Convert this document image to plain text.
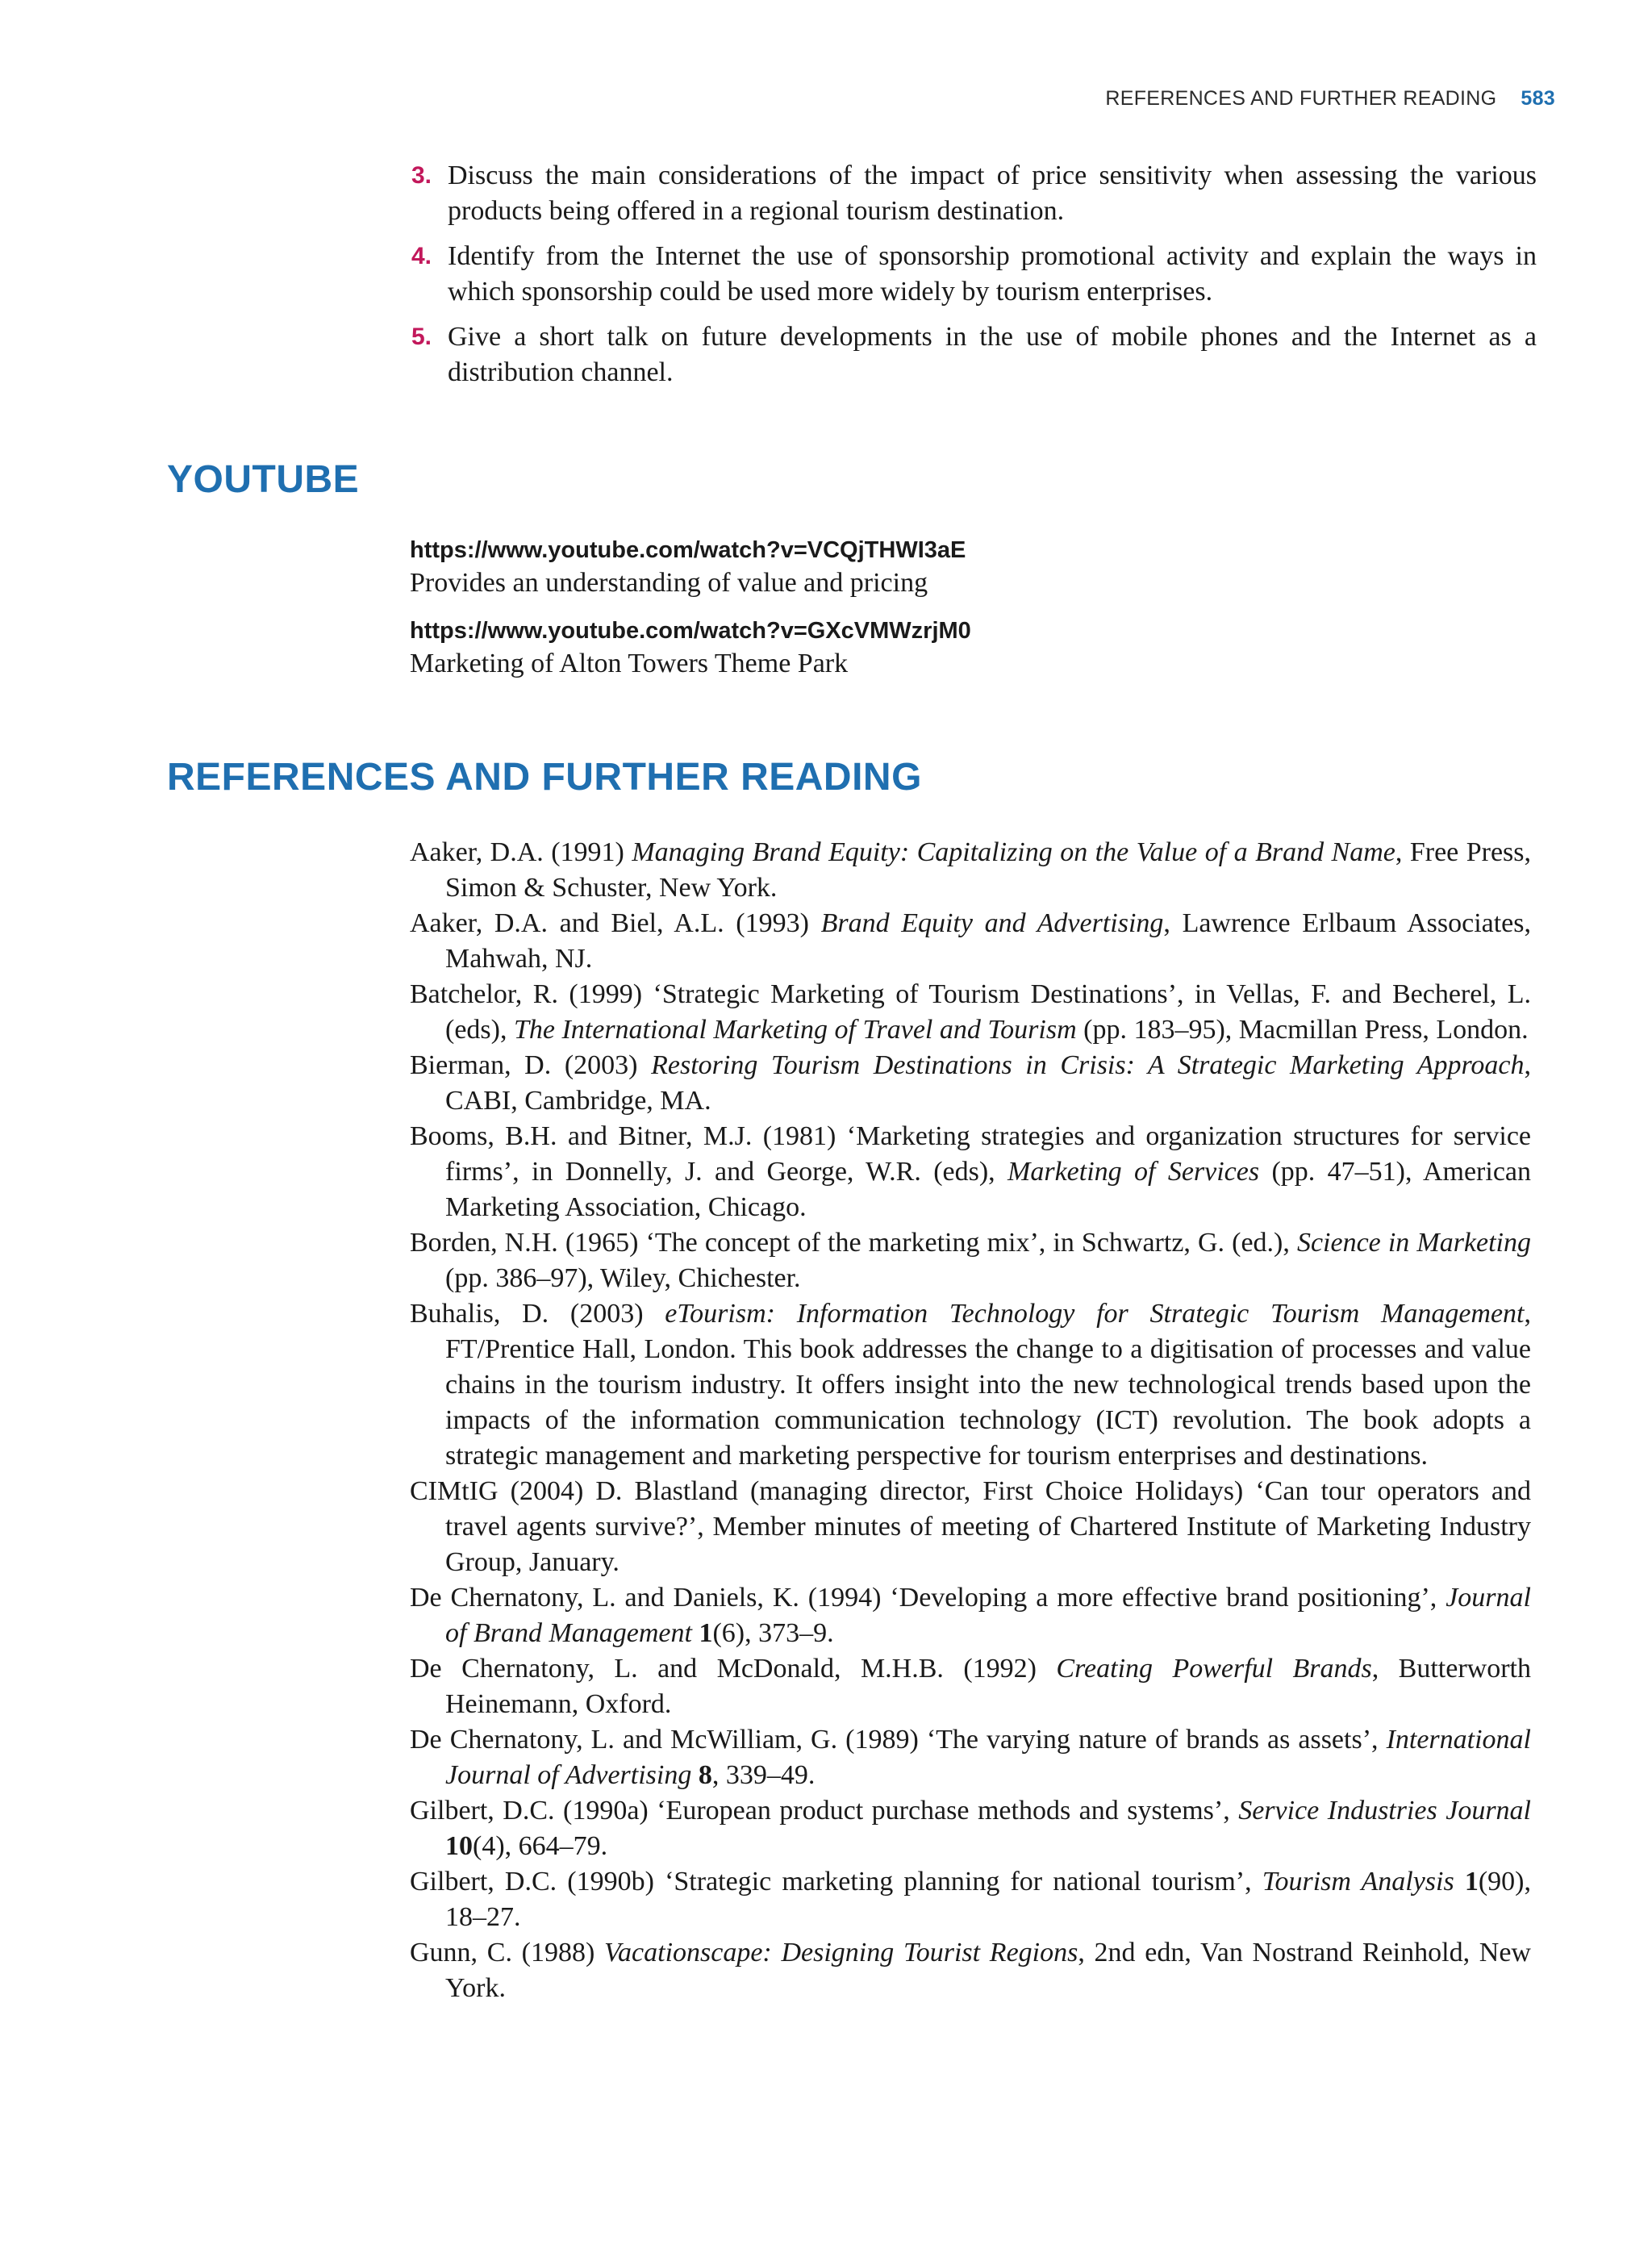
REFERENCES AND FURTHER READING 583
3. Discuss the main considerations of the impact of price sensitivity when assessing the various products being offered in a regional tourism destination.
4. Identify from the Internet the use of sponsorship promotional activity and explain the ways in which sponsorship could be used more widely by tourism enterprises.
5. Give a short talk on future developments in the use of mobile phones and the Internet as a distribution channel.
YOUTUBE
https://www.youtube.com/watch?v=VCQjTHWI3aE
Provides an understanding of value and pricing
https://www.youtube.com/watch?v=GXcVMWzrjM0
Marketing of Alton Towers Theme Park
REFERENCES AND FURTHER READING
Aaker, D.A. (1991) Managing Brand Equity: Capitalizing on the Value of a Brand Name, Free Press, Simon & Schuster, New York.
Aaker, D.A. and Biel, A.L. (1993) Brand Equity and Advertising, Lawrence Erlbaum Associates, Mahwah, NJ.
Batchelor, R. (1999) ‘Strategic Marketing of Tourism Destinations’, in Vellas, F. and Becherel, L. (eds), The International Marketing of Travel and Tourism (pp. 183–95), Macmillan Press, London.
Bierman, D. (2003) Restoring Tourism Destinations in Crisis: A Strategic Marketing Approach, CABI, Cambridge, MA.
Booms, B.H. and Bitner, M.J. (1981) ‘Marketing strategies and organization structures for service firms’, in Donnelly, J. and George, W.R. (eds), Marketing of Services (pp. 47–51), American Marketing Association, Chicago.
Borden, N.H. (1965) ‘The concept of the marketing mix’, in Schwartz, G. (ed.), Science in Marketing (pp. 386–97), Wiley, Chichester.
Buhalis, D. (2003) eTourism: Information Technology for Strategic Tourism Management, FT/Prentice Hall, London. This book addresses the change to a digitisation of processes and value chains in the tourism industry. It offers insight into the new technological trends based upon the impacts of the information communication technology (ICT) revolution. The book adopts a strategic management and marketing perspective for tourism enterprises and destinations.
CIMtIG (2004) D. Blastland (managing director, First Choice Holidays) ‘Can tour operators and travel agents survive?’, Member minutes of meeting of Chartered Institute of Marketing Industry Group, January.
De Chernatony, L. and Daniels, K. (1994) ‘Developing a more effective brand positioning’, Journal of Brand Management 1(6), 373–9.
De Chernatony, L. and McDonald, M.H.B. (1992) Creating Powerful Brands, Butterworth Heinemann, Oxford.
De Chernatony, L. and McWilliam, G. (1989) ‘The varying nature of brands as assets’, International Journal of Advertising 8, 339–49.
Gilbert, D.C. (1990a) ‘European product purchase methods and systems’, Service Industries Journal 10(4), 664–79.
Gilbert, D.C. (1990b) ‘Strategic marketing planning for national tourism’, Tourism Analysis 1(90), 18–27.
Gunn, C. (1988) Vacationscape: Designing Tourist Regions, 2nd edn, Van Nostrand Reinhold, New York.
